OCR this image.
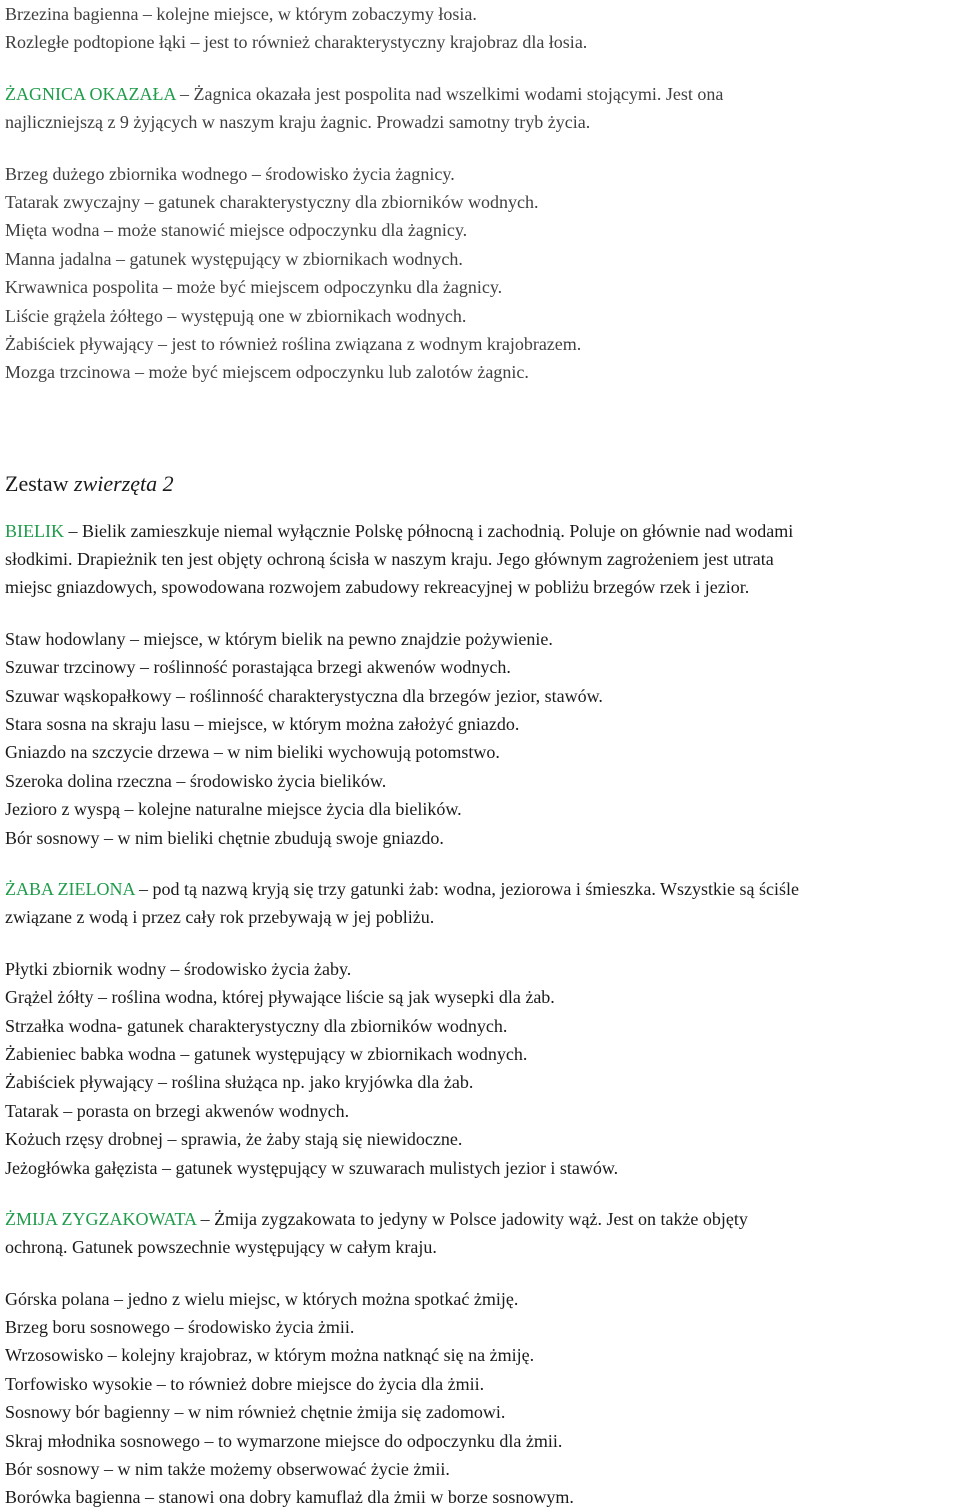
Brzezina bagienna – kolejne miejsce, w którym zobaczymy łosia.
Rozległe podtopione łąki – jest to również charakterystyczny krajobraz dla łosia.
ŻAGNICA OKAZAŁA – Żagnica okazała jest pospolita nad wszelkimi wodami stojącymi. Jest ona
najliczniejszą z 9 żyjących w naszym kraju żagnic. Prowadzi samotny tryb życia.
Brzeg dużego zbiornika wodnego – środowisko życia żagnicy.
Tatarak zwyczajny – gatunek charakterystyczny dla zbiorników wodnych.
Mięta wodna – może stanowić miejsce odpoczynku dla żagnicy.
Manna jadalna – gatunek występujący w zbiornikach wodnych.
Krwawnica pospolita – może być miejscem odpoczynku dla żagnicy.
Liście grążela żółtego – występują one w zbiornikach wodnych.
Żabiściek pływający – jest to również roślina związana z wodnym krajobrazem.
Mozga trzcinowa – może być miejscem odpoczynku lub zalotów żagnic.
Zestaw zwierzęta 2
BIELIK – Bielik zamieszkuje niemal wyłącznie Polskę północną i zachodnią. Poluje on głównie nad wodami
słodkimi. Drapieżnik ten jest objęty ochroną ścisła w naszym kraju. Jego głównym zagrożeniem jest utrata
miejsc gniazdowych, spowodowana rozwojem zabudowy rekreacyjnej w pobliżu brzegów rzek i jezior.
Staw hodowlany – miejsce, w którym bielik na pewno znajdzie pożywienie.
Szuwar trzcinowy – roślinność porastająca brzegi akwenów wodnych.
Szuwar wąskopałkowy – roślinność charakterystyczna dla brzegów jezior, stawów.
Stara sosna na skraju lasu – miejsce, w którym można założyć gniazdo.
Gniazdo na szczycie drzewa – w nim bieliki wychowują potomstwo.
Szeroka dolina rzeczna – środowisko życia bielików.
Jezioro z wyspą – kolejne naturalne miejsce życia dla bielików.
Bór sosnowy – w nim bieliki chętnie zbudują swoje gniazdo.
ŻABA ZIELONA – pod tą nazwą kryją się trzy gatunki żab: wodna, jeziorowa i śmieszka. Wszystkie są ściśle
związane z wodą i przez cały rok przebywają w jej pobliżu.
Płytki zbiornik wodny – środowisko życia żaby.
Grążel żółty – roślina wodna, której pływające liście są jak wysepki dla żab.
Strzałka wodna- gatunek charakterystyczny dla zbiorników wodnych.
Żabieniec babka wodna – gatunek występujący w zbiornikach wodnych.
Żabiściek pływający – roślina służąca np. jako kryjówka dla żab.
Tatarak – porasta on brzegi akwenów wodnych.
Kożuch rzęsy drobnej – sprawia, że żaby stają się niewidoczne.
Jeżogłówka gałęzista – gatunek występujący w szuwarach mulistych jezior i stawów.
ŻMIJA ZYGZAKOWATA – Żmija zygzakowata to jedyny w Polsce jadowity wąż. Jest on także objęty
ochroną. Gatunek powszechnie występujący w całym kraju.
Górska polana – jedno z wielu miejsc, w których można spotkać żmiję.
Brzeg boru sosnowego – środowisko życia żmii.
Wrzosowisko – kolejny krajobraz, w którym można natknąć się na żmiję.
Torfowisko wysokie – to również dobre miejsce do życia dla żmii.
Sosnowy bór bagienny – w nim również chętnie żmija się zadomowi.
Skraj młodnika sosnowego – to wymarzone miejsce do odpoczynku dla żmii.
Bór sosnowy – w nim także możemy obserwować życie żmii.
Borówka bagienna – stanowi ona dobry kamuflaż dla żmii w borze sosnowym.
